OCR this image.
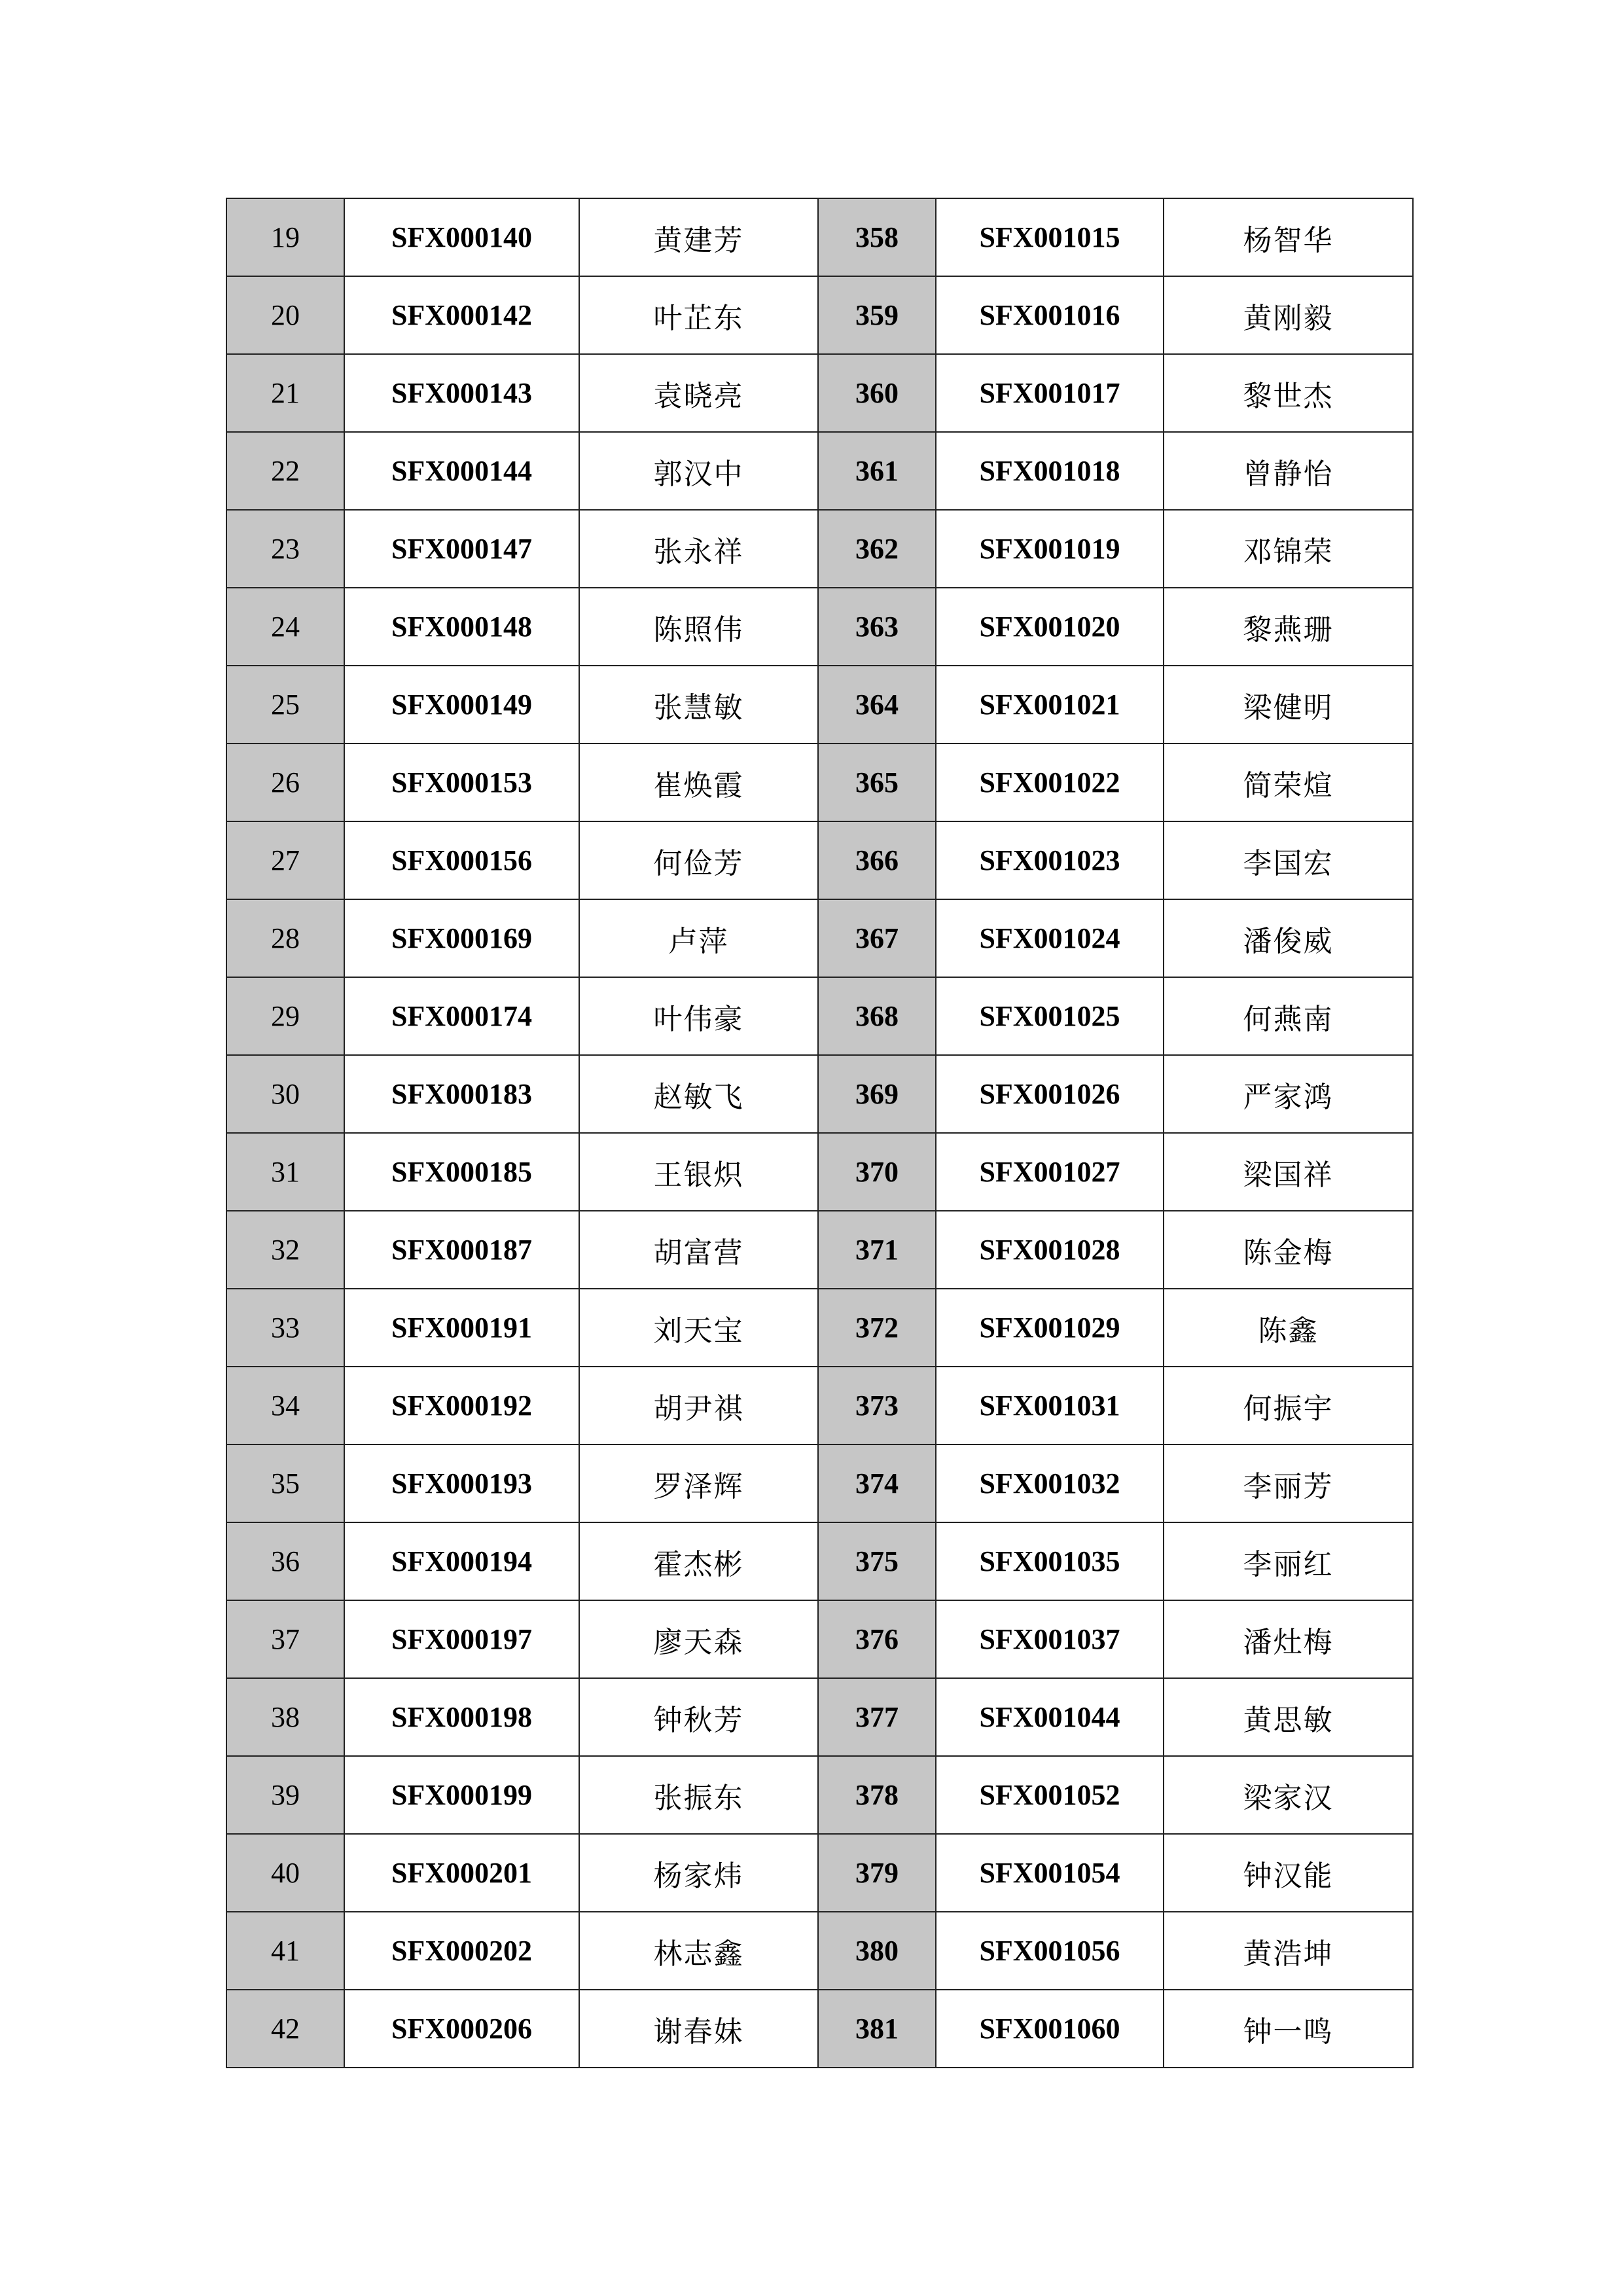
19	SFX000140	黄建芳	358	SFX001015	杨智华
20	SFX000142	叶芷东	359	SFX001016	黄刚毅
21	SFX000143	袁晓亮	360	SFX001017	黎世杰
22	SFX000144	郭汉中	361	SFX001018	曾静怡
23	SFX000147	张永祥	362	SFX001019	邓锦荣
24	SFX000148	陈照伟	363	SFX001020	黎燕珊
25	SFX000149	张慧敏	364	SFX001021	梁健明
26	SFX000153	崔焕霞	365	SFX001022	简荣煊
27	SFX000156	何俭芳	366	SFX001023	李国宏
28	SFX000169	卢萍	367	SFX001024	潘俊威
29	SFX000174	叶伟豪	368	SFX001025	何燕南
30	SFX000183	赵敏飞	369	SFX001026	严家鸿
31	SFX000185	王银炽	370	SFX001027	梁国祥
32	SFX000187	胡富营	371	SFX001028	陈金梅
33	SFX000191	刘天宝	372	SFX001029	陈鑫
34	SFX000192	胡尹祺	373	SFX001031	何振宇
35	SFX000193	罗泽辉	374	SFX001032	李丽芳
36	SFX000194	霍杰彬	375	SFX001035	李丽红
37	SFX000197	廖天森	376	SFX001037	潘灶梅
38	SFX000198	钟秋芳	377	SFX001044	黄思敏
39	SFX000199	张振东	378	SFX001052	梁家汉
40	SFX000201	杨家炜	379	SFX001054	钟汉能
41	SFX000202	林志鑫	380	SFX001056	黄浩坤
42	SFX000206	谢春妹	381	SFX001060	钟一鸣
